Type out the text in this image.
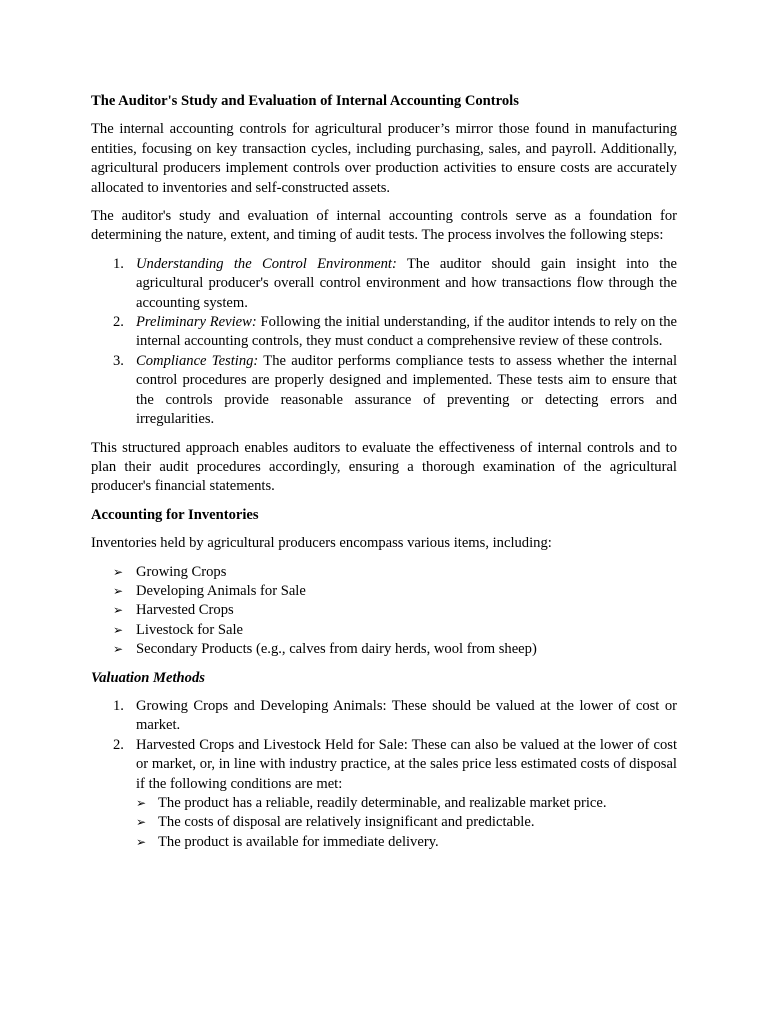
The Auditor's Study and Evaluation of Internal Accounting Controls

The internal accounting controls for agricultural producer’s mirror those found in manufacturing entities, focusing on key transaction cycles, including purchasing, sales, and payroll. Additionally, agricultural producers implement controls over production activities to ensure costs are accurately allocated to inventories and self-constructed assets.

The auditor's study and evaluation of internal accounting controls serve as a foundation for determining the nature, extent, and timing of audit tests. The process involves the following steps:

1. Understanding the Control Environment: The auditor should gain insight into the agricultural producer's overall control environment and how transactions flow through the accounting system.
2. Preliminary Review: Following the initial understanding, if the auditor intends to rely on the internal accounting controls, they must conduct a comprehensive review of these controls.
3. Compliance Testing: The auditor performs compliance tests to assess whether the internal control procedures are properly designed and implemented. These tests aim to ensure that the controls provide reasonable assurance of preventing or detecting errors and irregularities.

This structured approach enables auditors to evaluate the effectiveness of internal controls and to plan their audit procedures accordingly, ensuring a thorough examination of the agricultural producer's financial statements.

Accounting for Inventories

Inventories held by agricultural producers encompass various items, including:

➢ Growing Crops
➢ Developing Animals for Sale
➢ Harvested Crops
➢ Livestock for Sale
➢ Secondary Products (e.g., calves from dairy herds, wool from sheep)
Valuation Methods
1. Growing Crops and Developing Animals: These should be valued at the lower of cost or market.
2. Harvested Crops and Livestock Held for Sale: These can also be valued at the lower of cost or market, or, in line with industry practice, at the sales price less estimated costs of disposal if the following conditions are met:
➢ The product has a reliable, readily determinable, and realizable market price.
➢ The costs of disposal are relatively insignificant and predictable.
➢ The product is available for immediate delivery.
